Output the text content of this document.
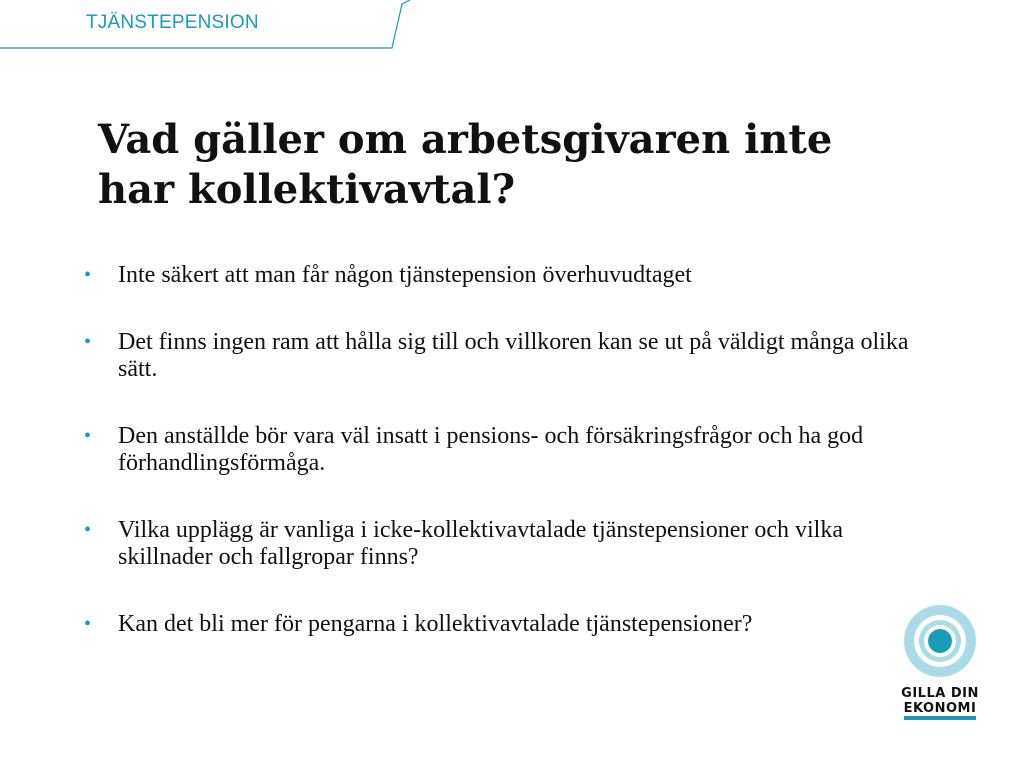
TJÄNSTEPENSION
Vad gäller om arbetsgivaren inte har kollektivavtal?
• Inte säkert att man får någon tjänstepension överhuvudtaget
• Det finns ingen ram att hålla sig till och villkoren kan se ut på väldigt många olika sätt.
• Den anställde bör vara väl insatt i pensions- och försäkringsfrågor och ha god förhandlingsförmåga.
• Vilka upplägg är vanliga i icke-kollektivavtalade tjänstepensioner och vilka skillnader och fallgropar finns?
• Kan det bli mer för pengarna i kollektivavtalade tjänstepensioner?
GILLA DIN
EKONOMI
